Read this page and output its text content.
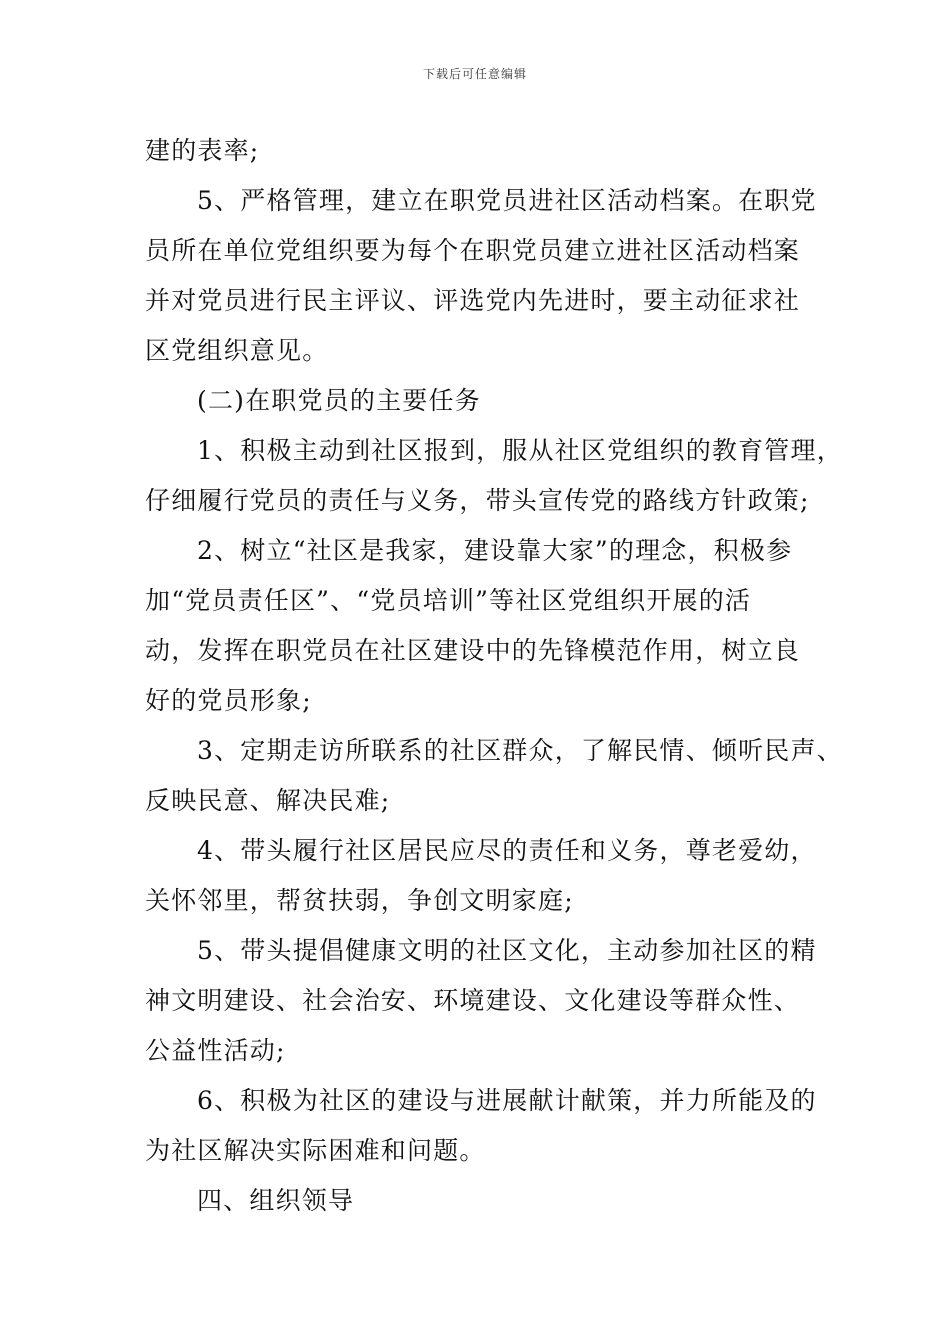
下载后可任意编辑
建的表率;
5、严格管理，建立在职党员进社区活动档案。在职党
员所在单位党组织要为每个在职党员建立进社区活动档案
并对党员进行民主评议、评选党内先进时，要主动征求社
区党组织意见。
(二)在职党员的主要任务
1、积极主动到社区报到，服从社区党组织的教育管理，
仔细履行党员的责任与义务，带头宣传党的路线方针政策;
2、树立“社区是我家，建设靠大家”的理念，积极参
加“党员责任区”、“党员培训”等社区党组织开展的活
动，发挥在职党员在社区建设中的先锋模范作用，树立良
好的党员形象;
3、定期走访所联系的社区群众，了解民情、倾听民声、
反映民意、解决民难;
4、带头履行社区居民应尽的责任和义务，尊老爱幼，
关怀邻里，帮贫扶弱，争创文明家庭;
5、带头提倡健康文明的社区文化，主动参加社区的精
神文明建设、社会治安、环境建设、文化建设等群众性、
公益性活动;
6、积极为社区的建设与进展献计献策，并力所能及的
为社区解决实际困难和问题。
四、组织领导
